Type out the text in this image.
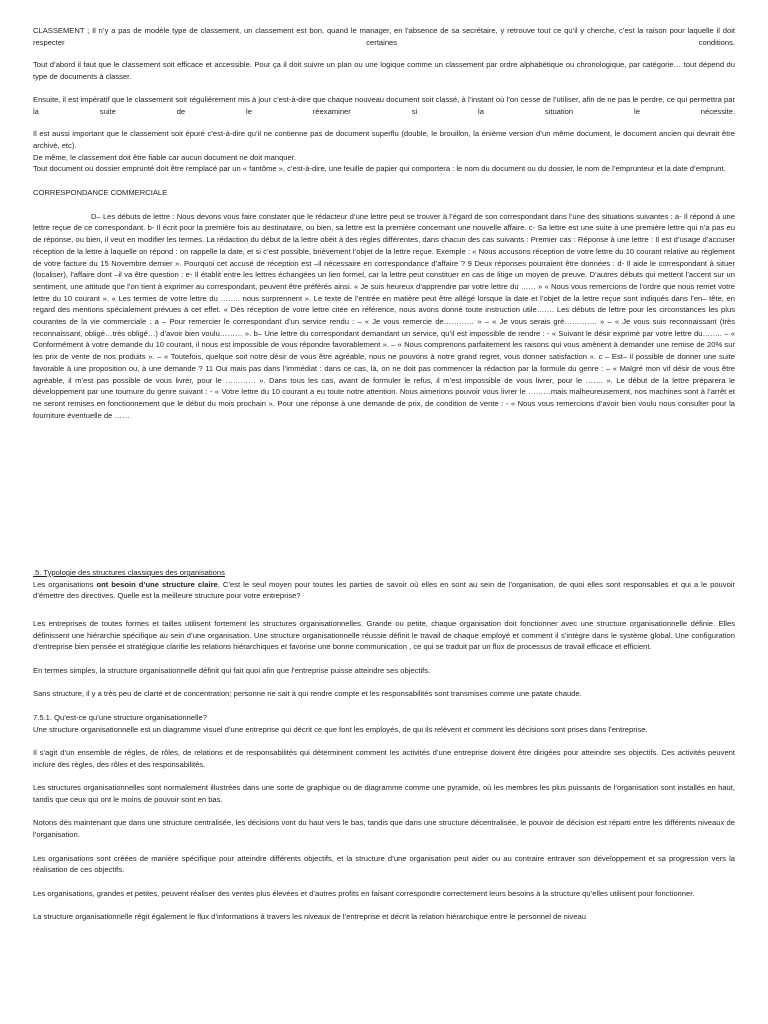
CLASSEMENT ; Il n’y a pas de modèle type de classement, un classement est bon, quand le manager, en l’absence de sa secrétaire, y retrouve tout ce qu’il y cherche, c’est la raison pour laquelle il doit respecter certaines conditions.

Tout d’abord il faut que le classement soit efficace et accessible. Pour ça il doit suivre un plan ou une logique comme un classement par ordre alphabétique ou chronologique, par catégorie… tout dépend du type de documents à classer.

Ensuite, il est impératif que le classement soit régulièrement mis à jour c’est-à-dire que chaque nouveau document soit classé, à l’instant où l’on cesse de l’utiliser, afin de ne pas le perdre, ce qui permettra par la suite de le réexaminer si la situation le nécessite.

Il est aussi important que le classement soit épuré c’est-à-dire qu’il ne contienne pas de document superflu (double, le brouillon, la énième version d’un même document, le document ancien qui devrait être archivé, etc).

De même, le classement doit être fiable car aucun document ne doit manquer.

Tout document ou dossier emprunté doit être remplacé par un « fantôme », c’est-à-dire, une feuille de papier qui comportera : le nom du document ou du dossier, le nom de l’emprunteur et la date d’emprunt.

CORRESPONDANCE COMMERCIALE

D– Les débuts de lettre : Nous devons vous faire constater que le rédacteur d’une lettre peut se trouver à l’égard de son correspondant dans l’une des situations suivantes : a- Il répond à une lettre reçue de ce correspondant. b- Il écrit pour la première fois au destinataire, ou bien, sa lettre est la première concernant une nouvelle affaire. c- Sa lettre est une suite à une première lettre qui n’a pas eu de réponse, ou bien, il veut en modifier les termes. La rédaction du début de la lettre obéit à des règles différentes, dans chacun des cas suivants : Premier cas : Réponse à une lettre : Il est d’usage d’accuser réception de la lettre à laquelle on répond : on rappelle la date, et si c’est possible, brièvement l’objet de la lettre reçue. Exemple : « Nous accusons réception de votre lettre du 10 courant relative au règlement de votre facture du 15 Novembre dernier ». Pourquoi cet accusé de réception est –il nécessaire en correspondance d’affaire ? 9 Deux réponses pourraient être données : d- Il aide le correspondant à situer (localiser), l’affaire dont –il va être question : e- Il établit entre les lettres échangées un lien formel, car la lettre peut constituer en cas de litige un moyen de preuve. D’autres débuts qui mettent l’accent sur un sentiment, une attitude que l’on tient à exprimer au correspondant, peuvent être préférés ainsi. « Je suis heureux d’apprendre par votre lettre du …… » « Nous vous remercions de l’ordre que nous remet votre lettre du 10 courant ». « Les termes de votre lettre du …….. nous surprennent ». Le texte de l’entrée en matière peut être allégé lorsque la date et l’objet de la lettre reçue sont indiqués dans l’en– tête, en regard des mentions spécialement prévues à cet effet. « Dès réception de votre lettre citée en référence, nous avons donné toute instruction utile……. Les débuts de lettre pour les circonstances les plus courantes de la vie commerciale : a – Pour remercier le correspondant d’un service rendu : – « Je vous remercie de………… » – « Je vous serais gré…………. » – « Je vous suis reconnaissant (très reconnaissant, obligé…très obligé…) d’avoir bien voulu……… ». b– Une lettre du correspondant demandant un service, qu’il est impossible de rendre : - « Suivant le désir exprimé par votre lettre du…….. – « Conformément à votre demande du 10 courant, il nous est impossible de vous répondre favorablement ». – « Nous comprenons parfaitement les raisons qui vous amènent à demander une remise de 20% sur les prix de vente de nos produits ». – « Toutefois, quelque soit notre désir de vous être agréable, nous ne pouvons à notre grand regret, vous donner satisfaction ». c – Est– il possible de donner une suite favorable à une proposition ou, à une demande ? 11 Oui mais pas dans l’immédiat : dans ce cas, là, on ne doit pas commencer la rédaction par la formule du genre : – « Malgré mon vif désir de vous être agréable, il m’est pas possible de vous livrer, pour le ………… ». Dans tous les cas, avant de formuler le refus, il m’est impossible de vous livrer, pour le ……. ». Le début de la lettre préparera le développement par une tournure du genre suivant : - « Votre lettre du 10 courant a eu toute notre attention. Nous aimerions pouvoir vous livrer le ………mais malheureusement, nos machines sont à l’arrêt et ne seront remises en fonctionnement que le début du mois prochain ». Pour une réponse à une demande de prix, de condition de vente : - « Nous vous remercions d’avoir bien voulu nous consulter pour la fourniture éventuelle de ……

.5. Typologie des structures classiques des organisations

Les organisations ont besoin d’une structure claire. C’est le seul moyen pour toutes les parties de savoir où elles en sont au sein de l’organisation, de quoi elles sont responsables et qui a le pouvoir d’émettre des directives. Quelle est la meilleure structure pour votre entreprise?

Les entreprises de toutes formes et tailles utilisent fortement les structures organisationnelles. Grande ou petite, chaque organisation doit fonctionner avec une structure organisationnelle définie. Elles définissent une hiérarchie spécifique au sein d’une organisation. Une structure organisationnelle réussie définit le travail de chaque employé et comment il s’intègre dans le système global. Une configuration d’entreprise bien pensée et stratégique clarifie les relations hiérarchiques et favorise une bonne communication , ce qui se traduit par un flux de processus de travail efficace et efficient.

En termes simples, la structure organisationnelle définit qui fait quoi afin que l’entreprise puisse atteindre ses objectifs.

Sans structure, il y a très peu de clarté et de concentration; personne ne sait à qui rendre compte et les responsabilités sont transmises comme une patate chaude.

7.5.1. Qu’est-ce qu’une structure organisationnelle?

Une structure organisationnelle est un diagramme visuel d’une entreprise qui décrit ce que font les employés, de qui ils relèvent et comment les décisions sont prises dans l’entreprise.

Il s’agit d’un ensemble de règles, de rôles, de relations et de responsabilités qui déterminent comment les activités d’une entreprise doivent être dirigées pour atteindre ses objectifs. Ces activités peuvent inclure des règles, des rôles et des responsabilités.

Les structures organisationnelles sont normalement illustrées dans une sorte de graphique ou de diagramme comme une pyramide, où les membres les plus puissants de l’organisation sont installés en haut, tandis que ceux qui ont le moins de pouvoir sont en bas.

Notons dès maintenant que dans une structure centralisée, les décisions vont du haut vers le bas, tandis que dans une structure décentralisée, le pouvoir de décision est réparti entre les différents niveaux de l’organisation.

Les organisations sont créées de manière spécifique pour atteindre différents objectifs, et la structure d’une organisation peut aider ou au contraire entraver son développement et sa progression vers la réalisation de ces objectifs.

Les organisations, grandes et petites, peuvent réaliser des ventes plus élevées et d’autres profits en faisant correspondre correctement leurs besoins à la structure qu’elles utilisent pour fonctionner.

La structure organisationnelle régit également le flux d’informations à travers les niveaux de l’entreprise et décrit la relation hiérarchique entre le personnel de niveau
